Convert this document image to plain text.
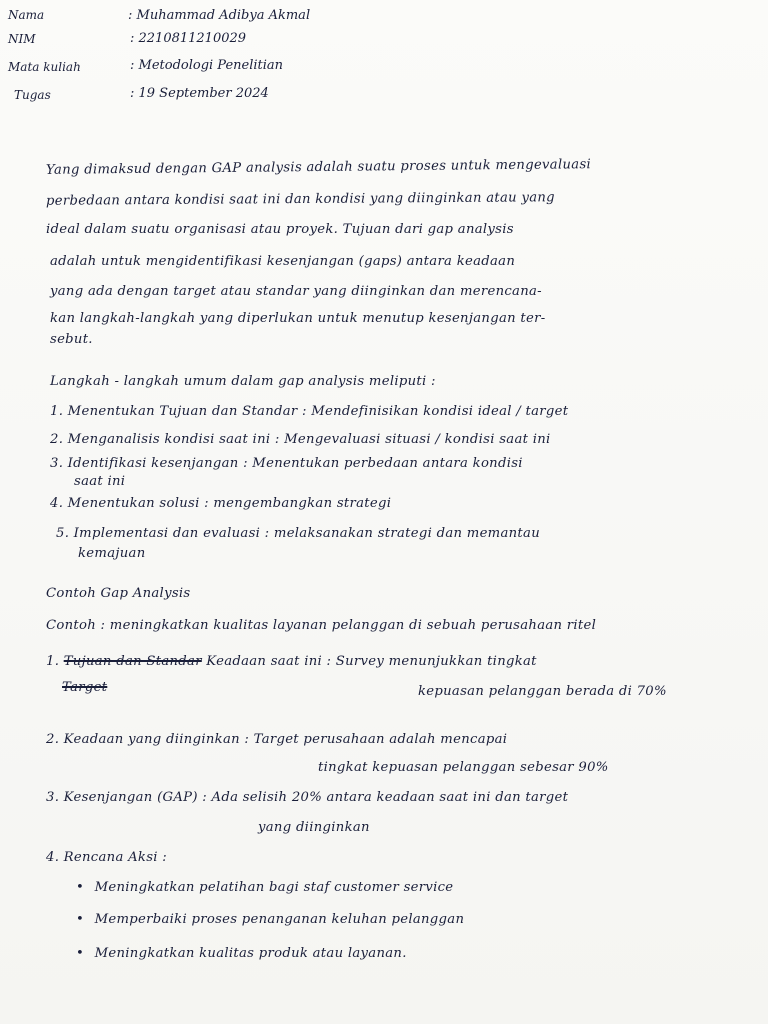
Nama	: Muhammad Adibya Akmal
NIM	: 2210811210029
Mata kuliah	: Metodologi Penelitian
Tugas	: 19 September 2024
Yang dimaksud dengan GAP analysis adalah suatu proses untuk mengevaluasi
perbedaan antara kondisi saat ini dan kondisi yang diinginkan atau yang
ideal dalam suatu organisasi atau proyek. Tujuan dari gap analysis
adalah untuk mengidentifikasi kesenjangan (gaps) antara keadaan
yang ada dengan target atau standar yang diinginkan dan merencana-
kan langkah-langkah yang diperlukan untuk menutup kesenjangan ter-
sebut.
Langkah - langkah umum dalam gap analysis meliputi :
1. Menentukan Tujuan dan Standar : Mendefinisikan kondisi ideal / target
2. Menganalisis kondisi saat ini : Mengevaluasi situasi / kondisi saat ini
3. Identifikasi kesenjangan : Menentukan perbedaan antara kondisi
saat ini
4. Menentukan solusi : mengembangkan strategi
5. Implementasi dan evaluasi : melaksanakan strategi dan memantau
kemajuan
Contoh Gap Analysis
Contoh : meningkatkan kualitas layanan pelanggan di sebuah perusahaan ritel
1. Tujuan dan Standar Keadaan saat ini : Survey menunjukkan tingkat
Target	kepuasan pelanggan berada di 70%
2. Keadaan yang diinginkan : Target perusahaan adalah mencapai
tingkat kepuasan pelanggan sebesar 90%
3. Kesenjangan (GAP) : Ada selisih 20% antara keadaan saat ini dan target
yang diinginkan
4. Rencana Aksi :
• Meningkatkan pelatihan bagi staf customer service
• Memperbaiki proses penanganan keluhan pelanggan
• Meningkatkan kualitas produk atau layanan.
